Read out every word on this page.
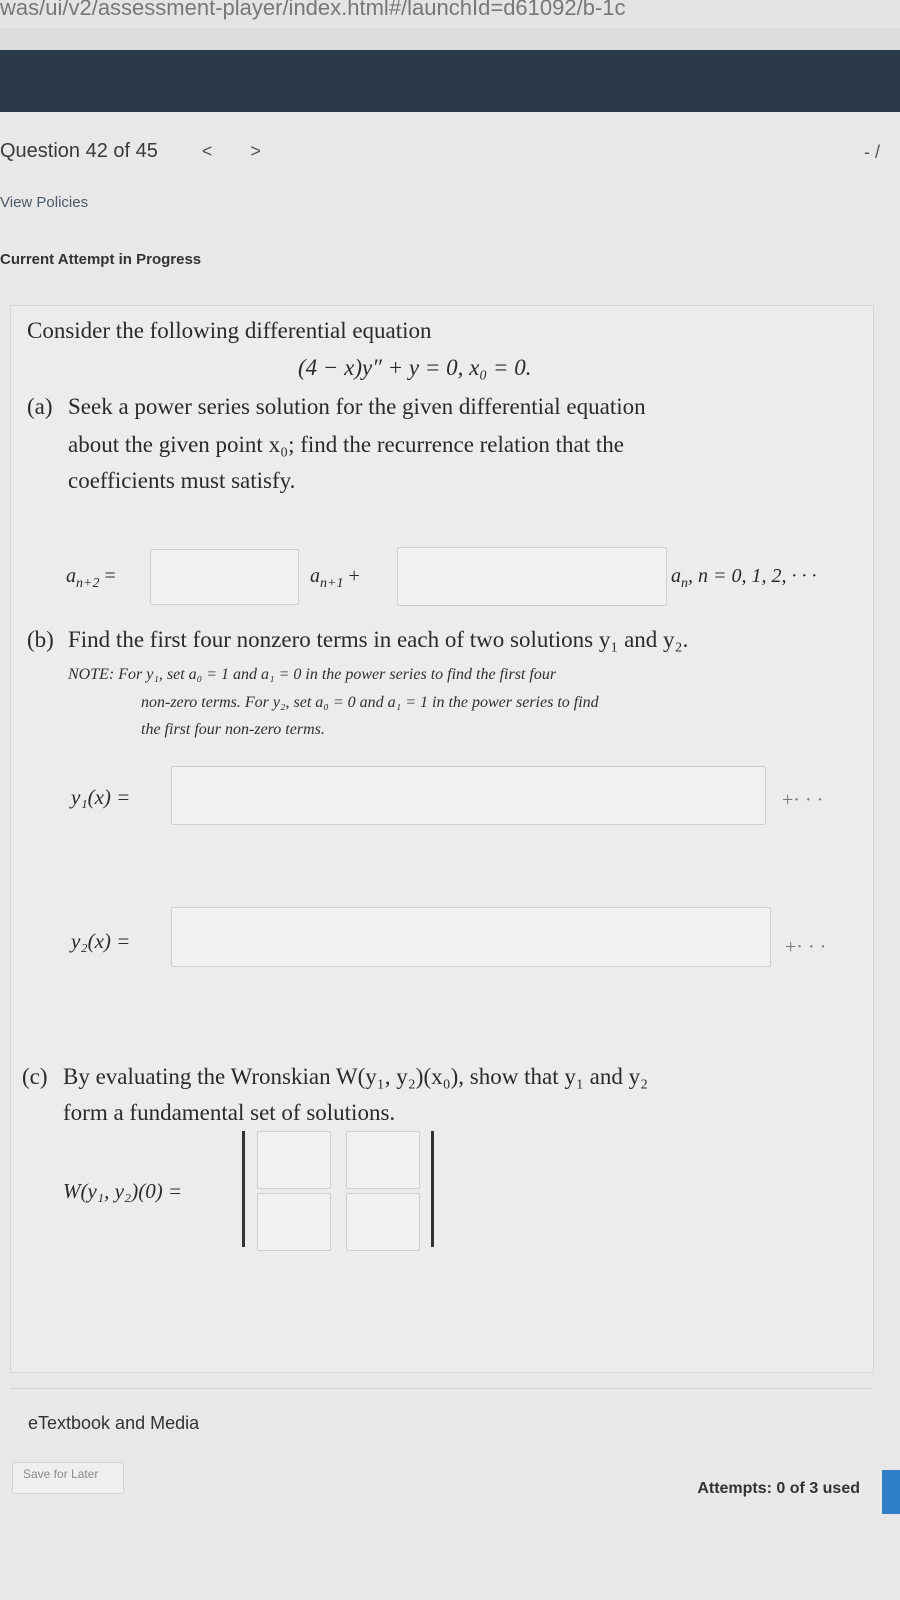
was/ui/v2/assessment-player/index.html#/launchId=d61092/b-1c
Question 42 of 45 < >	- /
View Policies
Current Attempt in Progress
Consider the following differential equation
(4 − x)y″ + y = 0, x₀ = 0.
(a) Seek a power series solution for the given differential equation
about the given point x₀; find the recurrence relation that the
coefficients must satisfy.
$a_{n+2}$ =	$a_{n+1}$ +	$a_n$, n = 0, 1, 2, · · ·
(b) Find the first four nonzero terms in each of two solutions y₁ and y₂.
NOTE: For y₁, set a₀ = 1 and a₁ = 0 in the power series to find the first four
non-zero terms. For y₂, set a₀ = 0 and a₁ = 1 in the power series to find
the first four non-zero terms.
y₁(x) =	+· · ·
y₂(x) =	+· · ·
(c) By evaluating the Wronskian W(y₁, y₂)(x₀), show that y₁ and y₂
form a fundamental set of solutions.
W(y₁, y₂)(0) =
eTextbook and Media
Save for Later
Attempts: 0 of 3 used
